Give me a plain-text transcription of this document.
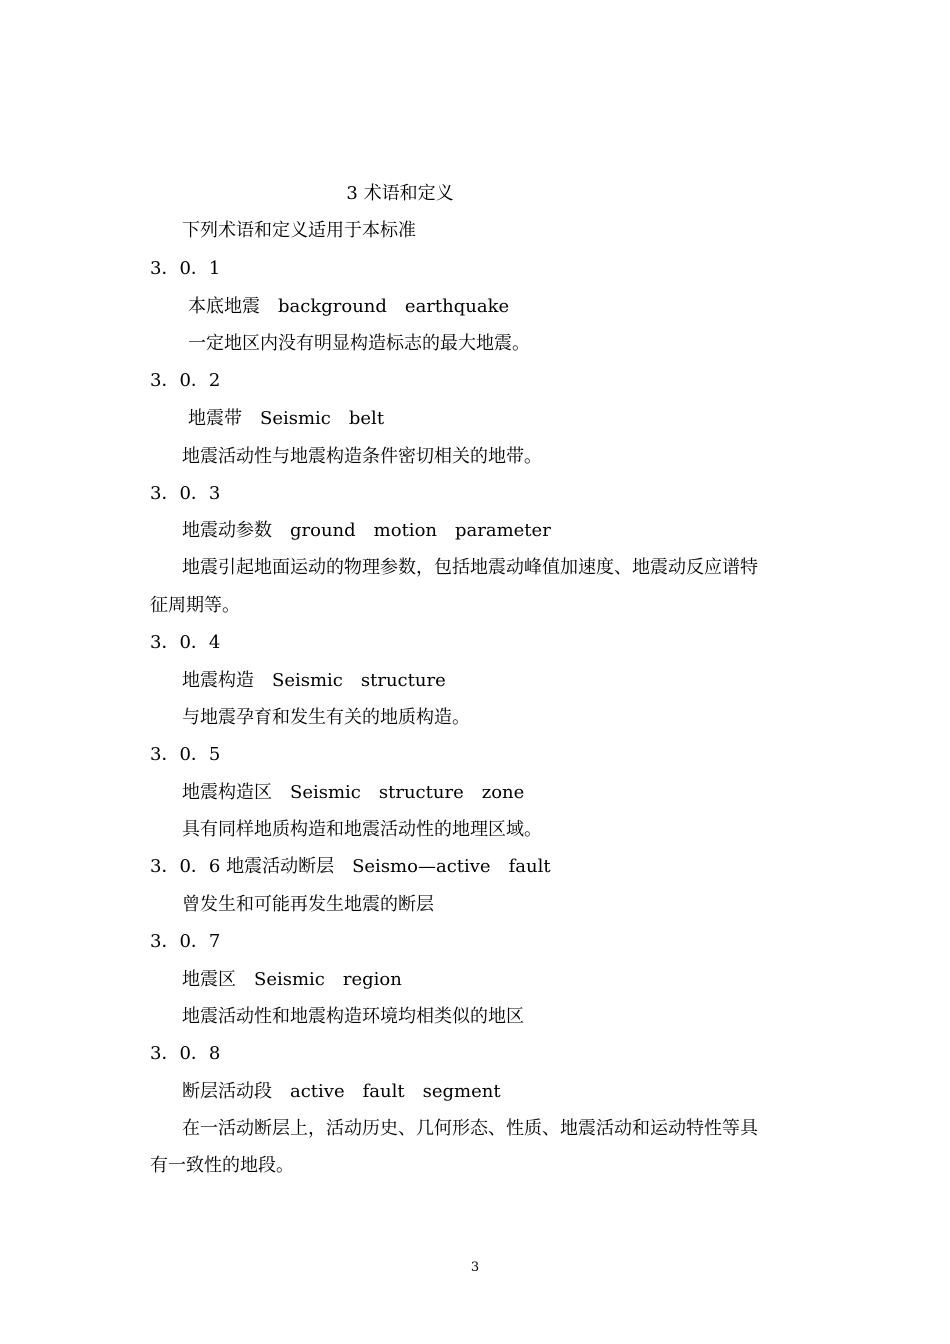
3 术语和定义
下列术语和定义适用于本标准
3．0．1
本底地震　background　earthquake
一定地区内没有明显构造标志的最大地震。
3．0．2
地震带　Seismic　belt
地震活动性与地震构造条件密切相关的地带。
3．0．3
地震动参数　ground　motion　parameter
地震引起地面运动的物理参数，包括地震动峰值加速度、地震动反应谱特
征周期等。
3．0．4
地震构造　Seismic　structure
与地震孕育和发生有关的地质构造。
3．0．5
地震构造区　Seismic　structure　zone
具有同样地质构造和地震活动性的地理区域。
3．0．6 地震活动断层　Seismo—active　fault
曾发生和可能再发生地震的断层
3．0．7
地震区　Seismic　region
地震活动性和地震构造环境均相类似的地区
3．0．8
断层活动段　active　fault　segment
在一活动断层上，活动历史、几何形态、性质、地震活动和运动特性等具
有一致性的地段。
3
